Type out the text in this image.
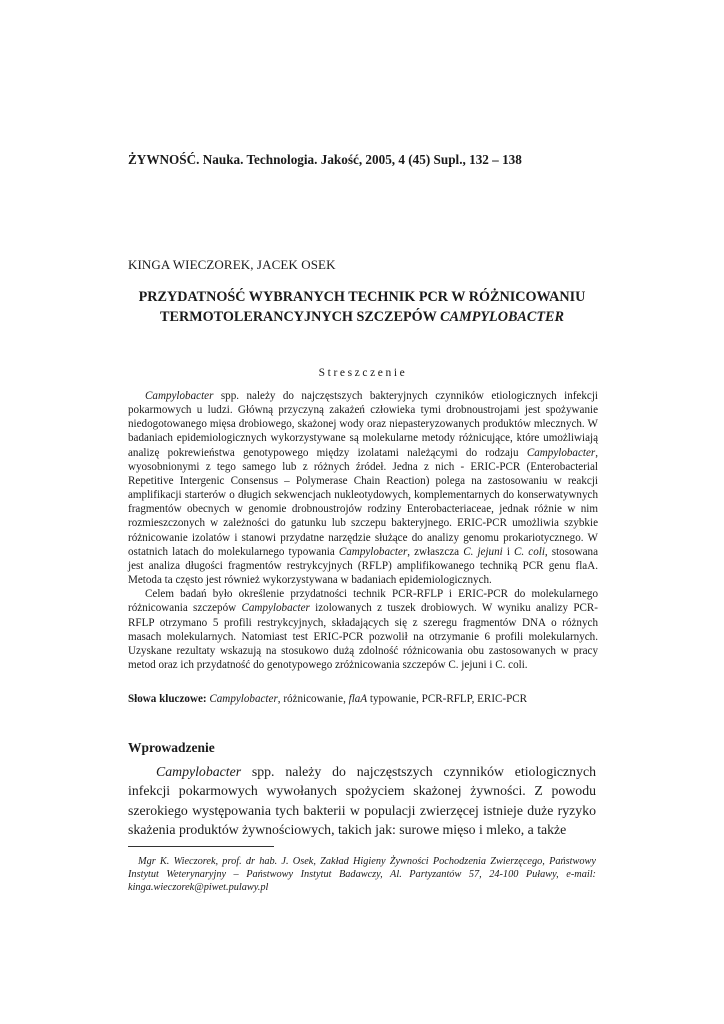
ŻYWNOŚĆ. Nauka. Technologia. Jakość, 2005, 4 (45) Supl., 132 – 138
KINGA WIECZOREK, JACEK OSEK
PRZYDATNOŚĆ WYBRANYCH TECHNIK PCR W RÓŻNICOWANIU
TERMOTOLERANCYJNYCH SZCZEPÓW CAMPYLOBACTER
Streszczenie

Campylobacter spp. należy do najczęstszych bakteryjnych czynników etiologicznych infekcji pokarmowych u ludzi. Główną przyczyną zakażeń człowieka tymi drobnoustrojami jest spożywanie niedogotowanego mięsa drobiowego, skażonej wody oraz niepasteryzowanych produktów mlecznych. W badaniach epidemiologicznych wykorzystywane są molekularne metody różnicujące, które umożliwiają analizę pokrewieństwa genotypowego między izolatami należącymi do rodzaju Campylobacter, wyosobnionymi z tego samego lub z różnych źródeł. Jedna z nich - ERIC-PCR (Enterobacterial Repetitive Intergenic Consensus – Polymerase Chain Reaction) polega na zastosowaniu w reakcji amplifikacji starterów o długich sekwencjach nukleotydowych, komplementarnych do konserwatywnych fragmentów obecnych w genomie drobnoustrojów rodziny Enterobacteriaceae, jednak różnie w nim rozmieszczonych w zależności do gatunku lub szczepu bakteryjnego. ERIC-PCR umożliwia szybkie różnicowanie izolatów i stanowi przydatne narzędzie służące do analizy genomu prokariotycznego. W ostatnich latach do molekularnego typowania Campylobacter, zwłaszcza C. jejuni i C. coli, stosowana jest analiza długości fragmentów restrykcyjnych (RFLP) amplifikowanego techniką PCR genu flaA. Metoda ta często jest również wykorzystywana w badaniach epidemiologicznych.

Celem badań było określenie przydatności technik PCR-RFLP i ERIC-PCR do molekularnego różnicowania szczepów Campylobacter izolowanych z tuszek drobiowych. W wyniku analizy PCR-RFLP otrzymano 5 profili restrykcyjnych, składających się z szeregu fragmentów DNA o różnych masach molekularnych. Natomiast test ERIC-PCR pozwolił na otrzymanie 6 profili molekularnych. Uzyskane rezultaty wskazują na stosukowo dużą zdolność różnicowania obu zastosowanych w pracy metod oraz ich przydatność do genotypowego zróżnicowania szczepów C. jejuni i C. coli.

Słowa kluczowe: Campylobacter, różnicowanie, flaA typowanie, PCR-RFLP, ERIC-PCR
Wprowadzenie

Campylobacter spp. należy do najczęstszych czynników etiologicznych infekcji pokarmowych wywołanych spożyciem skażonej żywności. Z powodu szerokiego występowania tych bakterii w populacji zwierzęcej istnieje duże ryzyko skażenia produktów żywnościowych, takich jak: surowe mięso i mleko, a także

Mgr K. Wieczorek, prof. dr hab. J. Osek, Zakład Higieny Żywności Pochodzenia Zwierzęcego, Państwowy Instytut Weterynaryjny – Państwowy Instytut Badawczy, Al. Partyzantów 57, 24-100 Puławy, e-mail: kinga.wieczorek@piwet.pulawy.pl
